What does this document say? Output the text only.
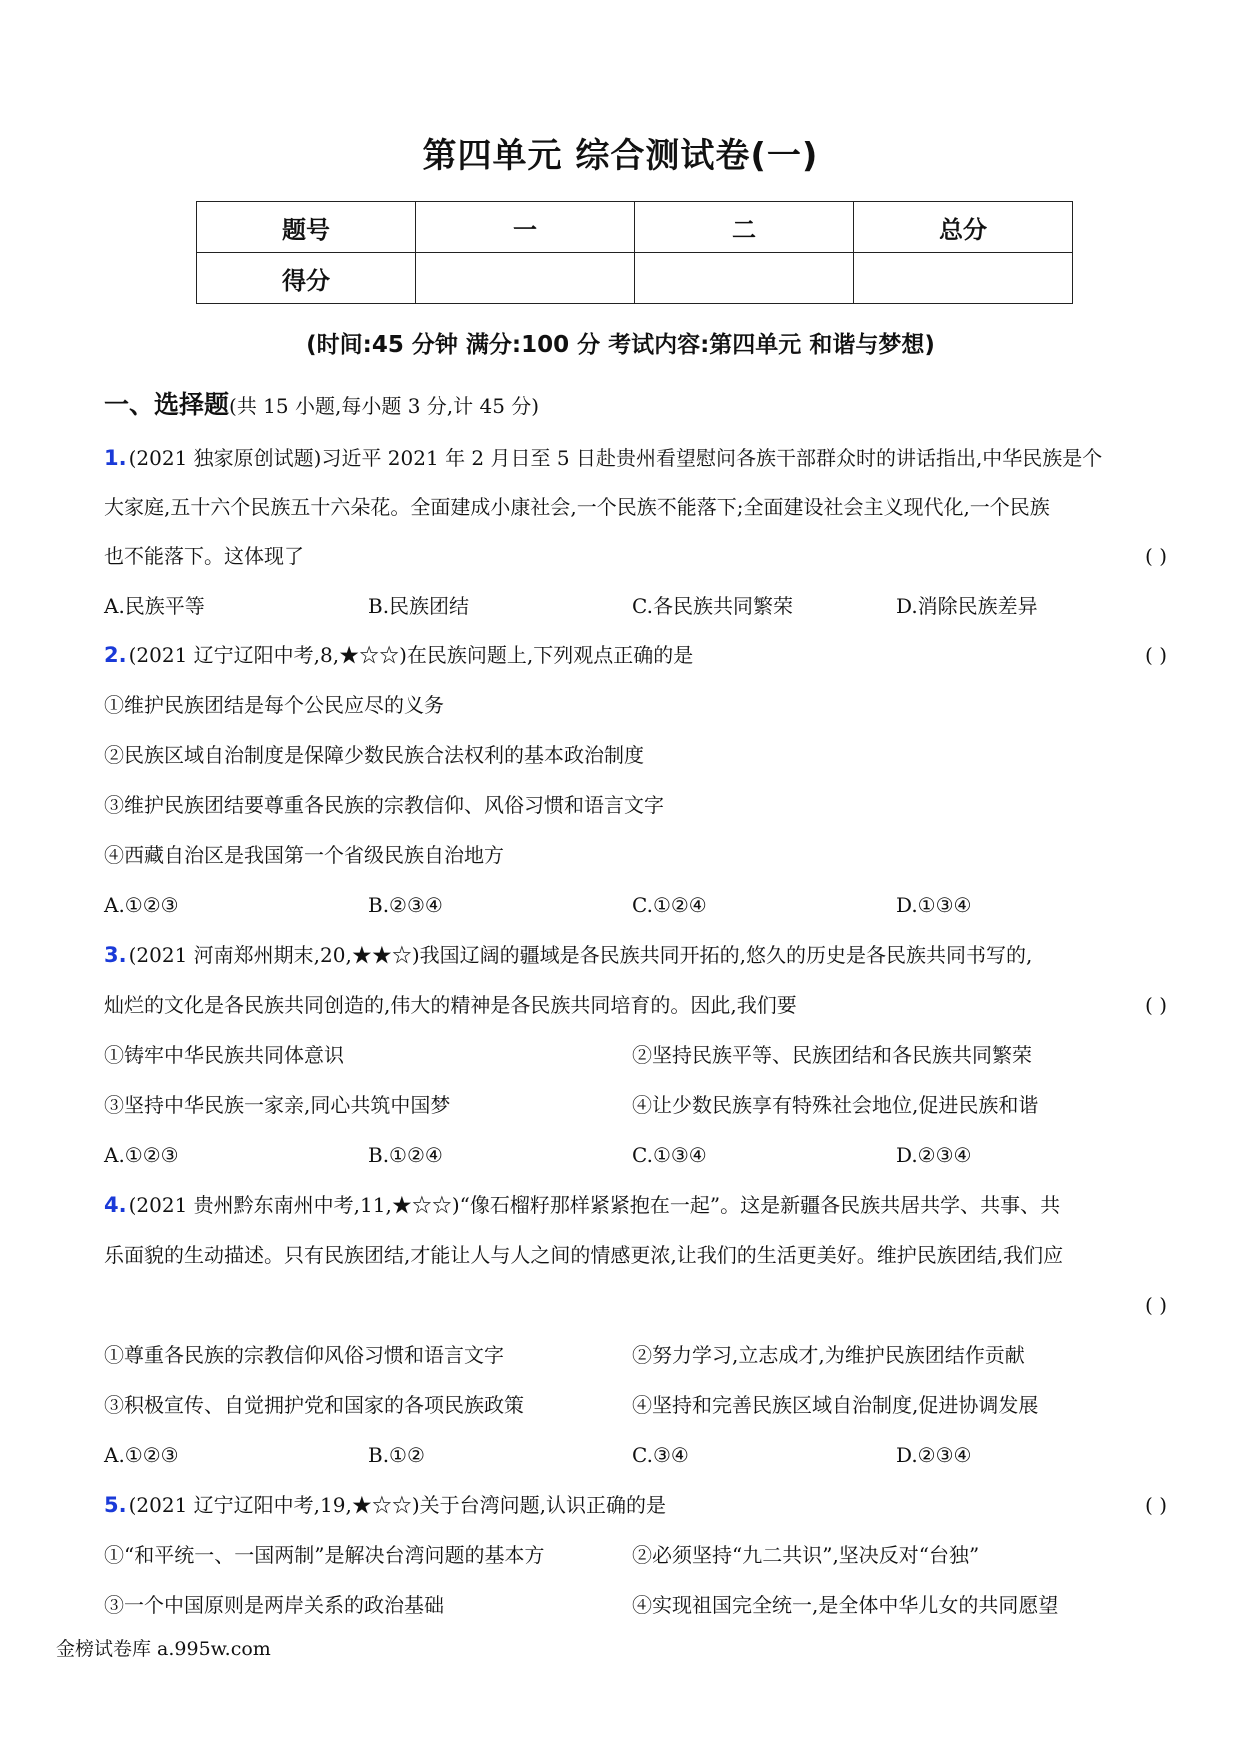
第四单元 综合测试卷(一)
题号	一	二	总分
得分			
(时间:45 分钟 满分:100 分 考试内容:第四单元 和谐与梦想)
一、选择题(共 15 小题,每小题 3 分,计 45 分)
1. (2021 独家原创试题)习近平 2021 年 2 月日至 5 日赴贵州看望慰问各族干部群众时的讲话指出,中华民族是个
大家庭,五十六个民族五十六朵花。全面建成小康社会,一个民族不能落下;全面建设社会主义现代化,一个民族
也不能落下。这体现了	( )
A.民族平等	B.民族团结	C.各民族共同繁荣	D.消除民族差异
2. (2021 辽宁辽阳中考,8,★☆☆)在民族问题上,下列观点正确的是	( )
①维护民族团结是每个公民应尽的义务
②民族区域自治制度是保障少数民族合法权利的基本政治制度
③维护民族团结要尊重各民族的宗教信仰、风俗习惯和语言文字
④西藏自治区是我国第一个省级民族自治地方
A.①②③	B.②③④	C.①②④	D.①③④
3. (2021 河南郑州期末,20,★★☆)我国辽阔的疆域是各民族共同开拓的,悠久的历史是各民族共同书写的,
灿烂的文化是各民族共同创造的,伟大的精神是各民族共同培育的。因此,我们要	( )
①铸牢中华民族共同体意识	②坚持民族平等、民族团结和各民族共同繁荣
③坚持中华民族一家亲,同心共筑中国梦	④让少数民族享有特殊社会地位,促进民族和谐
A.①②③	B.①②④	C.①③④	D.②③④
4. (2021 贵州黔东南州中考,11,★☆☆)“像石榴籽那样紧紧抱在一起”。这是新疆各民族共居共学、共事、共
乐面貌的生动描述。只有民族团结,才能让人与人之间的情感更浓,让我们的生活更美好。维护民族团结,我们应
( )
①尊重各民族的宗教信仰风俗习惯和语言文字	②努力学习,立志成才,为维护民族团结作贡献
③积极宣传、自觉拥护党和国家的各项民族政策	④坚持和完善民族区域自治制度,促进协调发展
A.①②③	B.①②	C.③④	D.②③④
5. (2021 辽宁辽阳中考,19,★☆☆)关于台湾问题,认识正确的是	( )
①“和平统一、一国两制”是解决台湾问题的基本方	②必须坚持“九二共识”,坚决反对“台独”
③一个中国原则是两岸关系的政治基础	④实现祖国完全统一,是全体中华儿女的共同愿望
金榜试卷库 a.995w.com
